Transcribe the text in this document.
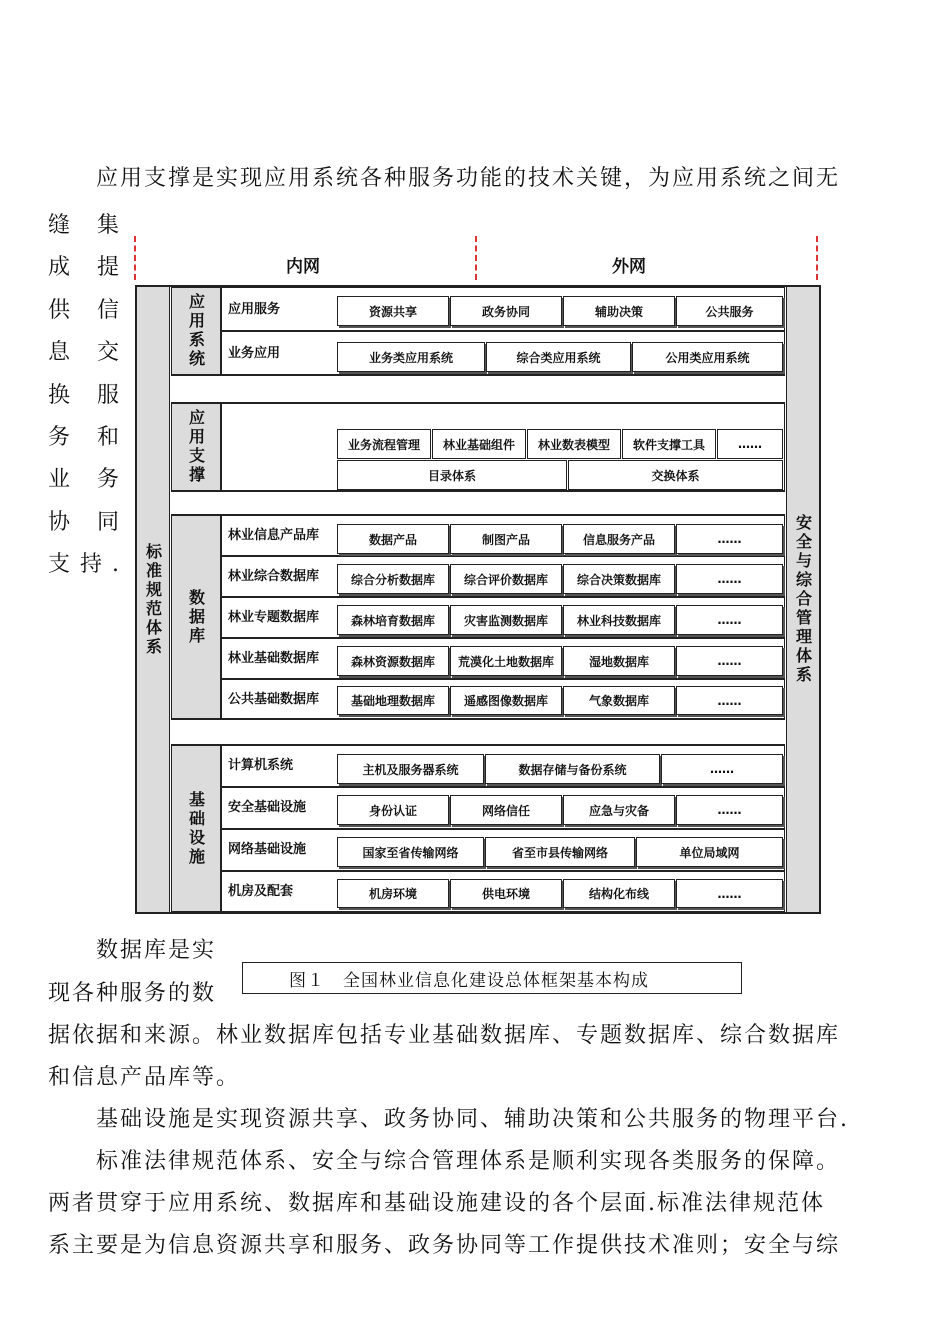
应用支撑是实现应用系统各种服务功能的技术关键，为应用系统之间无
缝 集
成 提
供 信
息 交
换 服
务 和
业 务
协 同
支持.
内网	外网
标准规范体系	安全与综合管理体系
应用系统 应用服务	资源共享	政务协同	辅助决策	公共服务
业务应用	业务类应用系统	综合类应用系统	公用类应用系统
应用支撑	业务流程管理	林业基础组件	林业数表模型	软件支撑工具	……
目录体系	交换体系
数据库
林业信息产品库	数据产品	制图产品	信息服务产品	……
林业综合数据库	综合分析数据库	综合评价数据库	综合决策数据库	……
林业专题数据库	森林培育数据库	灾害监测数据库	林业科技数据库	……
林业基础数据库	森林资源数据库	荒漠化土地数据库	湿地数据库	……
公共基础数据库	基础地理数据库	遥感图像数据库	气象数据库	……
基础设施
计算机系统	主机及服务器系统	数据存储与备份系统	……
安全基础设施	身份认证	网络信任	应急与灾备	……
网络基础设施	国家至省传输网络	省至市县传输网络	单位局域网
机房及配套	机房环境	供电环境	结构化布线	……
数据库是实
图１　全国林业信息化建设总体框架基本构成
现各种服务的数
据依据和来源。林业数据库包括专业基础数据库、专题数据库、综合数据库
和信息产品库等。
基础设施是实现资源共享、政务协同、辅助决策和公共服务的物理平台.
标准法律规范体系、安全与综合管理体系是顺利实现各类服务的保障。
两者贯穿于应用系统、数据库和基础设施建设的各个层面.标准法律规范体
系主要是为信息资源共享和服务、政务协同等工作提供技术准则；安全与综
